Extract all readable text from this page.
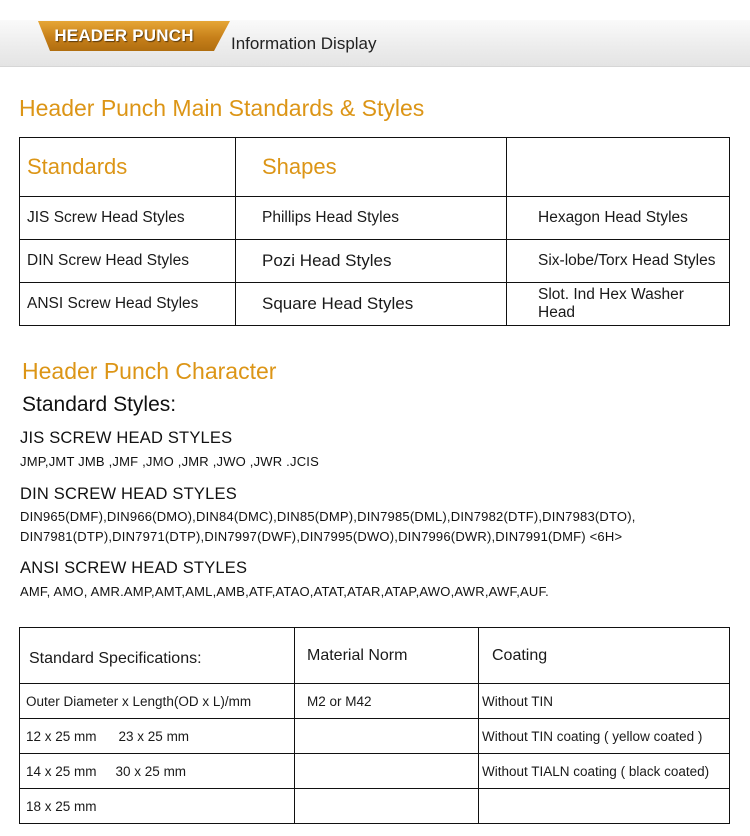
HEADER PUNCH	Information Display
Header Punch Main Standards & Styles
Standards	Shapes	
JIS Screw Head Styles	Phillips Head Styles	Hexagon Head Styles
DIN Screw Head Styles	Pozi Head Styles	Six-lobe/Torx Head Styles
ANSI Screw Head Styles	Square Head Styles	Slot. Ind Hex Washer Head
Header Punch Character
Standard Styles:
JIS SCREW HEAD STYLES
JMP,JMT JMB ,JMF ,JMO ,JMR ,JWO ,JWR .JCIS
DIN SCREW HEAD STYLES
DIN965(DMF),DIN966(DMO),DIN84(DMC),DIN85(DMP),DIN7985(DML),DIN7982(DTF),DIN7983(DTO),
DIN7981(DTP),DIN7971(DTP),DIN7997(DWF),DIN7995(DWO),DIN7996(DWR),DIN7991(DMF) <6H>
ANSI SCREW HEAD STYLES
AMF, AMO, AMR.AMP,AMT,AML,AMB,ATF,ATAO,ATAT,ATAR,ATAP,AWO,AWR,AWF,AUF.
Standard Specifications:	Material Norm	Coating
Outer Diameter x Length(OD x L)/mm	M2 or M42	Without TIN
12 x 25 mm 23 x 25 mm		Without TIN coating ( yellow coated )
14 x 25 mm 30 x 25 mm		Without TIALN coating ( black coated)
18 x 25 mm		
